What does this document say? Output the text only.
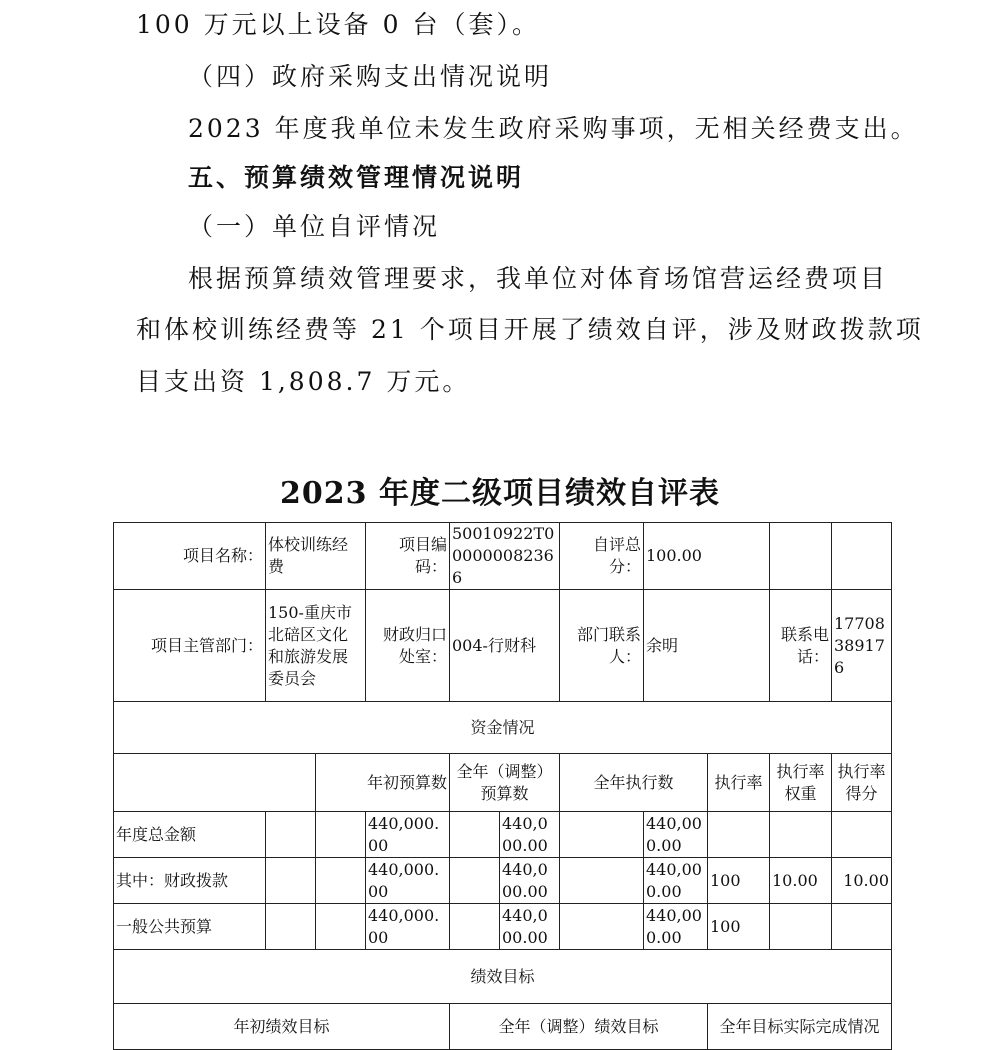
100 万元以上设备 0 台（套）。
（四）政府采购支出情况说明
2023 年度我单位未发生政府采购事项，无相关经费支出。
五、预算绩效管理情况说明
（一）单位自评情况
根据预算绩效管理要求，我单位对体育场馆营运经费项目
和体校训练经费等 21 个项目开展了绩效自评，涉及财政拨款项
目支出资 1,808.7 万元。
2023 年度二级项目绩效自评表
项目名称：	体校训练经费		项目编码：	50010922T000000082366		自评总分：	100.00			
项目主管部门：	150-重庆市北碚区文化和旅游发展委员会		财政归口处室：	004-行财科		部门联系人：	余明		联系电话：	17708389176
资金情况										
		年初预算数		全年（调整）预算数		全年执行数		执行率	执行率权重	执行率得分
年度总金额			440,000.00		440,000.00		440,000.00			
其中：财政拨款			440,000.00		440,000.00		440,000.00	100	10.00	10.00
一般公共预算			440,000.00		440,000.00		440,000.00	100		
绩效目标										
年初绩效目标				全年（调整）绩效目标				全年目标实际完成情况		
